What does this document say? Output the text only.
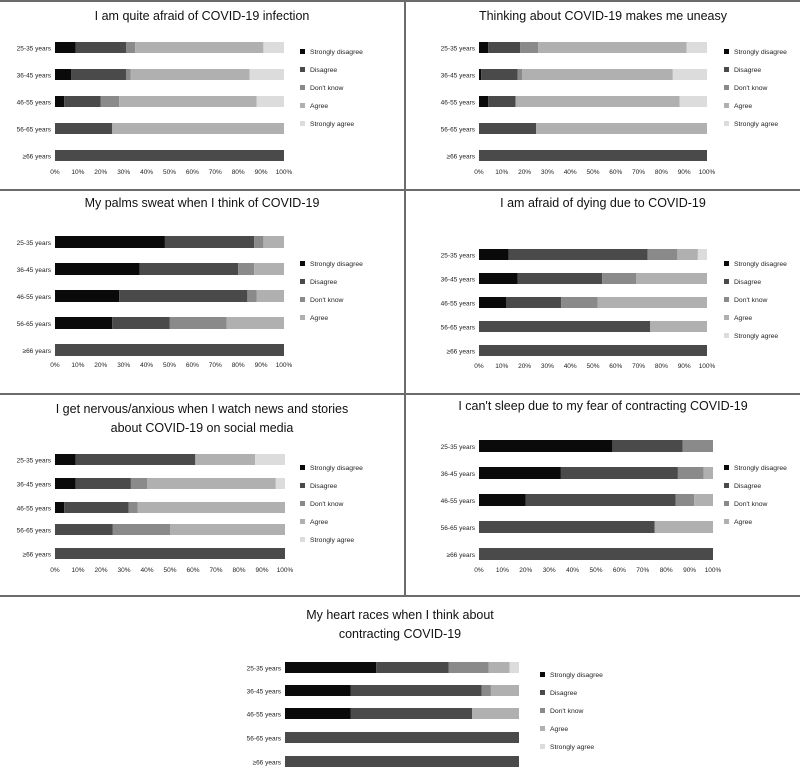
I am quite afraid of COVID-19 infection
25-35 years
36-45 years
46-55 years
56-65 years
≥66 years
0% 10% 20% 30% 40% 50% 60% 70% 80% 90% 100%
Strongly disagree
Disagree
Don't know
Agree
Strongly agree
Thinking about COVID-19 makes me uneasy
25-35 years
36-45 years
46-55 years
56-65 years
≥66 years
0% 10% 20% 30% 40% 50% 60% 70% 80% 90% 100%
Strongly disagree
Disagree
Don't know
Agree
Strongly agree
My palms sweat when I think of COVID-19
25-35 years
36-45 years
46-55 years
56-65 years
≥66 years
0% 10% 20% 30% 40% 50% 60% 70% 80% 90% 100%
Strongly disagree
Disagree
Don't know
Agree
I am afraid of dying due to COVID-19
25-35 years
36-45 years
46-55 years
56-65 years
≥66 years
0% 10% 20% 30% 40% 50% 60% 70% 80% 90% 100%
Strongly disagree
Disagree
Don't know
Agree
Strongly agree
I get nervous/anxious when I watch news and stories
about COVID-19 on social media
25-35 years
36-45 years
46-55 years
56-65 years
≥66 years
0% 10% 20% 30% 40% 50% 60% 70% 80% 90% 100%
Strongly disagree
Disagree
Don't know
Agree
Strongly agree
I can't sleep due to my fear of contracting COVID-19
25-35 years
36-45 years
46-55 years
56-65 years
≥66 years
0% 10% 20% 30% 40% 50% 60% 70% 80% 90% 100%
Strongly disagree
Disagree
Don't know
Agree
My heart races when I think about
contracting COVID-19
25-35 years
36-45 years
46-55 years
56-65 years
≥66 years
Strongly disagree
Disagree
Don't know
Agree
Strongly agree
